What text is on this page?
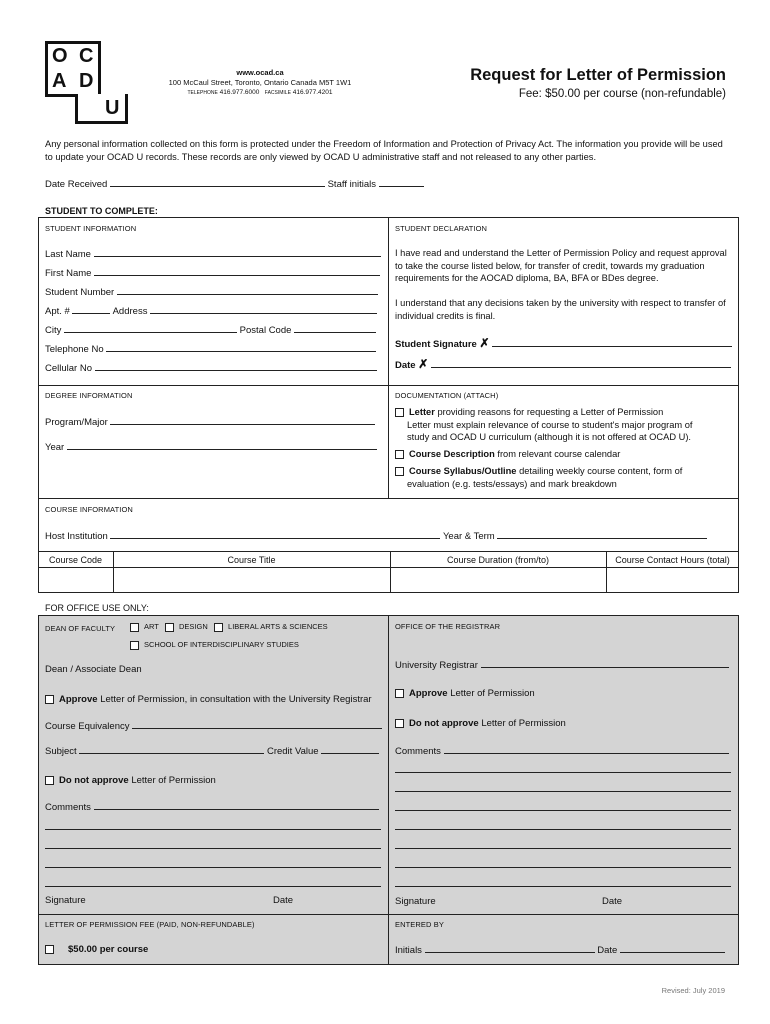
O C
A D
U
www.ocad.ca
100 McCaul Street, Toronto, Ontario Canada M5T 1W1
TELEPHONE 416.977.6000 FACSIMILE 416.977.4201
Request for Letter of Permission
Fee: $50.00 per course (non-refundable)
Any personal information collected on this form is protected under the Freedom of Information and Protection of Privacy Act. The information you provide will be used to update your OCAD U records. These records are only viewed by OCAD U administrative staff and not released to any other parties.
Date Received	Staff initials
STUDENT TO COMPLETE:
STUDENT INFORMATION
Last Name
First Name
Student Number
Apt. #	Address
City	Postal Code
Telephone No
Cellular No
STUDENT DECLARATION
I have read and understand the Letter of Permission Policy and request approval to take the course listed below, for transfer of credit, towards my graduation requirements for the AOCAD diploma, BA, BFA or BDes degree.
I understand that any decisions taken by the university with respect to transfer of individual credits is final.
Student Signature ✗
Date ✗
DEGREE INFORMATION
Program/Major
Year
DOCUMENTATION (ATTACH)
Letter providing reasons for requesting a Letter of Permission
Letter must explain relevance of course to student's major program of
study and OCAD U curriculum (although it is not offered at OCAD U).
Course Description from relevant course calendar
Course Syllabus/Outline detailing weekly course content, form of
evaluation (e.g. tests/essays) and mark breakdown
COURSE INFORMATION
Host Institution	Year & Term
Course Code	Course Title	Course Duration (from/to)	Course Contact Hours (total)
FOR OFFICE USE ONLY:
DEAN OF FACULTY	ART	DESIGN	LIBERAL ARTS & SCIENCES
SCHOOL OF INTERDISCIPLINARY STUDIES
Dean / Associate Dean
Approve Letter of Permission, in consultation with the University Registrar
Course Equivalency
Subject	Credit Value
Do not approve Letter of Permission
Comments
Signature	Date
OFFICE OF THE REGISTRAR
University Registrar
Approve Letter of Permission
Do not approve Letter of Permission
Comments
Signature	Date
LETTER OF PERMISSION FEE (PAID, NON-REFUNDABLE)
$50.00 per course
ENTERED BY
Initials	Date
Revised: July 2019
